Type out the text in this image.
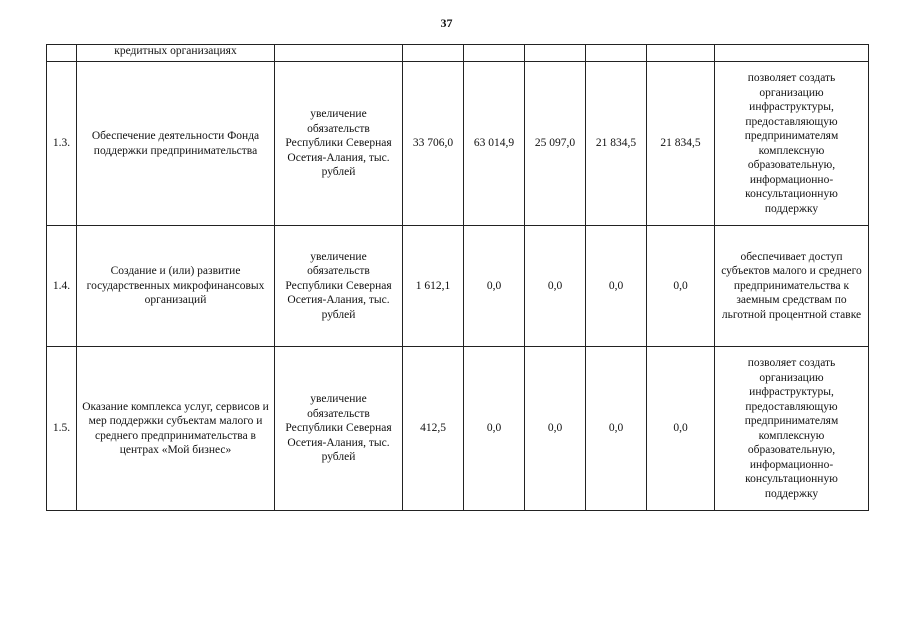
37
	кредитных организациях							
1.3.	Обеспечение деятельности Фонда поддержки предпринимательства	увеличение обязательств Республики Северная Осетия-Алания, тыс. рублей	33 706,0	63 014,9	25 097,0	21 834,5	21 834,5	позволяет создать организацию инфраструктуры, предоставляющую предпринимателям комплексную образовательную, информационно-консультационную поддержку
1.4.	Создание и (или) развитие государственных микрофинансовых организаций	увеличение обязательств Республики Северная Осетия-Алания, тыс. рублей	1 612,1	0,0	0,0	0,0	0,0	обеспечивает доступ субъектов малого и среднего предпринимательства к заемным средствам по льготной процентной ставке
1.5.	Оказание комплекса услуг, сервисов и мер поддержки субъектам малого и среднего предпринимательства в центрах «Мой бизнес»	увеличение обязательств Республики Северная Осетия-Алания, тыс. рублей	412,5	0,0	0,0	0,0	0,0	позволяет создать организацию инфраструктуры, предоставляющую предпринимателям комплексную образовательную, информационно-консультационную поддержку
